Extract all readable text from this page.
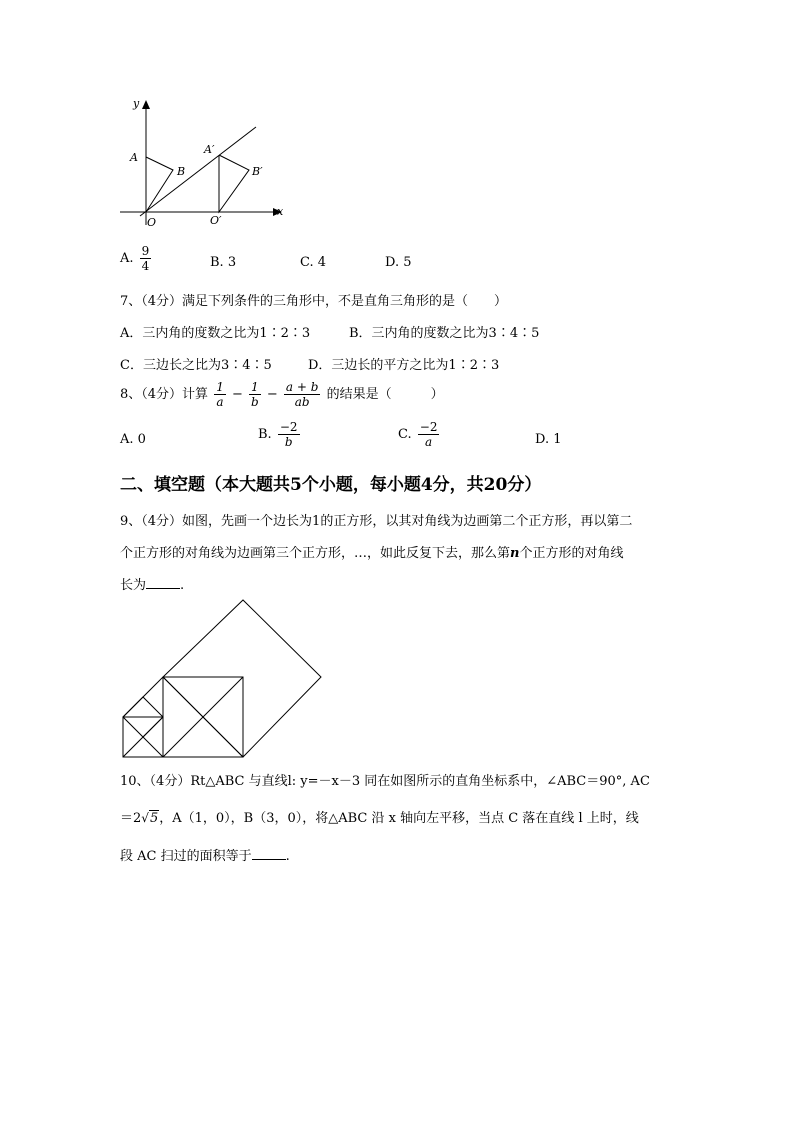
y
x
A
B
O
A′
B′
O′
A. $\frac{9}{4}$	B. 3	C. 4	D. 5
7、（4分）满足下列条件的三角形中，不是直角三角形的是（　　）
A．三内角的度数之比为1∶2∶3	B．三内角的度数之比为3∶4∶5
C．三边长之比为3∶4∶5	D．三边长的平方之比为1∶2∶3
8、（4分）计算 $\frac{1}{a} - \frac{1}{b} - \frac{a + b}{ab}$ 的结果是（　　　）
A. 0	B. $\frac{-2}{b}$	C. $\frac{-2}{a}$	D. 1
二、填空题（本大题共5个小题，每小题4分，共20分）
9、（4分）如图，先画一个边长为1的正方形，以其对角线为边画第二个正方形，再以第二
个正方形的对角线为边画第三个正方形，…，如此反复下去，那么第n个正方形的对角线
长为	.
10、（4分）Rt△ABC 与直线l: y=－x－3 同在如图所示的直角坐标系中，∠ABC＝90°, AC
＝2√5，A（1，0），B（3，0），将△ABC 沿 x 轴向左平移，当点 C 落在直线 l 上时，线
段 AC 扫过的面积等于	.
